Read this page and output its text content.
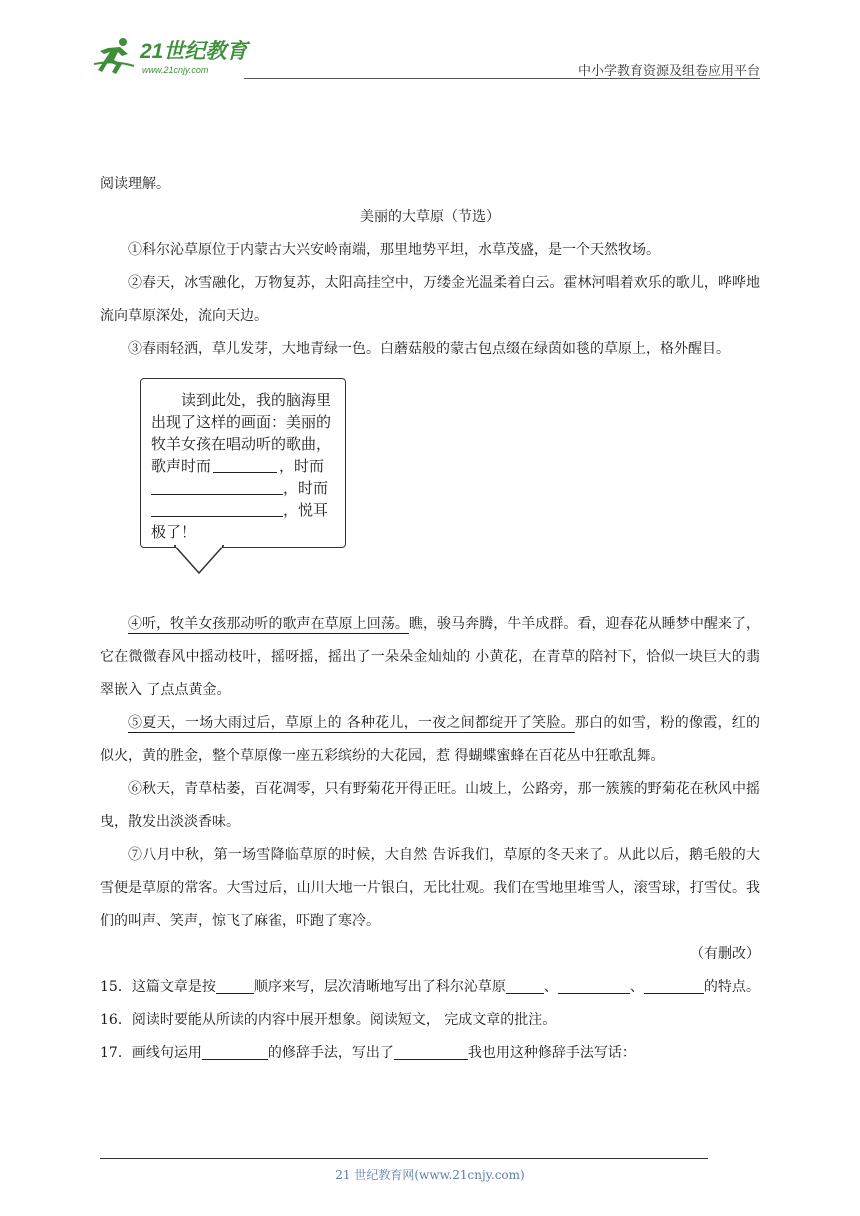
21世纪教育
www.21cnjy.com	中小学教育资源及组卷应用平台

阅读理解。

美丽的大草原（节选）

①科尔沁草原位于内蒙古大兴安岭南端，那里地势平坦，水草茂盛，是一个天然牧场。

②春天，冰雪融化，万物复苏，太阳高挂空中，万缕金光温柔着白云。霍林河唱着欢乐的歌儿，哗哗地流向草原深处，流向天边。

③春雨轻洒，草儿发芽，大地青绿一色。白蘑菇般的蒙古包点缀在绿茵如毯的草原上，格外醒目。

读到此处，我的脑海里
出现了这样的画面：美丽的
牧羊女孩在唱动听的歌曲，
歌声时而	，时而
，时而
，悦耳
极了！

④听，牧羊女孩那动听的歌声在草原上回荡。瞧，骏马奔腾，牛羊成群。看，迎春花从睡梦中醒来了，它在微微春风中摇动枝叶，摇呀摇，摇出了一朵朵金灿灿的 小黄花，在青草的陪衬下，恰似一块巨大的翡翠嵌入 了点点黄金。

⑤夏天，一场大雨过后，草原上的 各种花儿，一夜之间都绽开了笑脸。那白的如雪，粉的像霞，红的似火，黄的胜金，整个草原像一座五彩缤纷的大花园，惹 得蝴蝶蜜蜂在百花丛中狂歌乱舞。

⑥秋天，青草枯萎，百花凋零，只有野菊花开得正旺。山坡上，公路旁，那一簇簇的野菊花在秋风中摇曳，散发出淡淡香味。

⑦八月中秋，第一场雪降临草原的时候，大自然 告诉我们，草原的冬天来了。从此以后，鹅毛般的大雪便是草原的常客。大雪过后，山川大地一片银白，无比壮观。我们在雪地里堆雪人，滚雪球，打雪仗。我们的叫声、笑声，惊飞了麻雀，吓跑了寒冷。

（有删改）

15．这篇文章是按	顺序来写，层次清晰地写出了科尔沁草原	、	、	的特点。

16．阅读时要能从所读的内容中展开想象。阅读短文， 完成文章的批注。

17．画线句运用	的修辞手法，写出了	我也用这种修辞手法写话：

21 世纪教育网(www.21cnjy.com)
